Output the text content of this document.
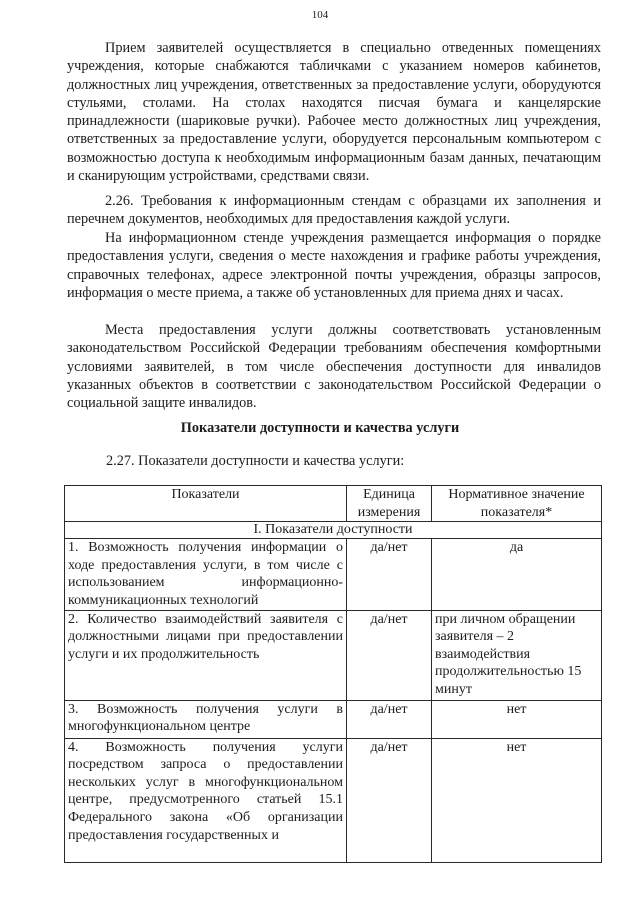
104

Прием заявителей осуществляется в специально отведенных помещениях учреждения, которые снабжаются табличками с указанием номеров кабинетов, должностных лиц учреждения, ответственных за предоставление услуги, оборудуются стульями, столами. На столах находятся писчая бумага и канцелярские принадлежности (шариковые ручки). Рабочее место должностных лиц учреждения, ответственных за предоставление услуги, оборудуется персональным компьютером с возможностью доступа к необходимым информационным базам данных, печатающим и сканирующим устройствами, средствами связи.

2.26. Требования к информационным стендам с образцами их заполнения и перечнем документов, необходимых для предоставления каждой услуги.

На информационном стенде учреждения размещается информация о порядке предоставления услуги, сведения о месте нахождения и графике работы учреждения, справочных телефонах, адресе электронной почты учреждения, образцы запросов, информация о месте приема, а также об установленных для приема днях и часах.

Места предоставления услуги должны соответствовать установленным законодательством Российской Федерации требованиям обеспечения комфортными условиями заявителей, в том числе обеспечения доступности для инвалидов указанных объектов в соответствии с законодательством Российской Федерации о социальной защите инвалидов.

Показатели доступности и качества услуги
2.27. Показатели доступности и качества услуги:
Показатели	Единица измерения	Нормативное значение показателя*
I. Показатели доступности		
1. Возможность получения информации о ходе предоставления услуги, в том числе с использованием информационно-коммуникационных технологий	да/нет	да
2. Количество взаимодействий заявителя с должностными лицами при предоставлении услуги и их продолжительность	да/нет	при личном обращении заявителя – 2 взаимодействия продолжительностью 15 минут
3. Возможность получения услуги в многофункциональном центре	да/нет	нет
4. Возможность получения услуги посредством запроса о предоставлении нескольких услуг в многофункциональном центре, предусмотренного статьей 15.1 Федерального закона «Об организации предоставления государственных и	да/нет	нет
